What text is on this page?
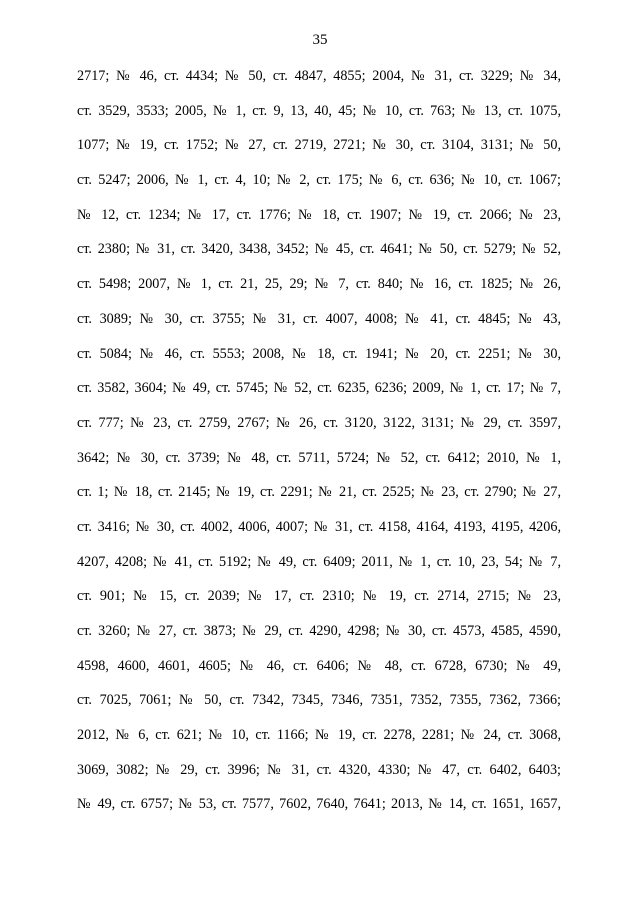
35
2717; № 46, ст. 4434; № 50, ст. 4847, 4855; 2004, № 31, ст. 3229; № 34,
ст. 3529, 3533; 2005, № 1, ст. 9, 13, 40, 45; № 10, ст. 763; № 13, ст. 1075,
1077; № 19, ст. 1752; № 27, ст. 2719, 2721; № 30, ст. 3104, 3131; № 50,
ст. 5247; 2006, № 1, ст. 4, 10; № 2, ст. 175; № 6, ст. 636; № 10, ст. 1067;
№ 12, ст. 1234; № 17, ст. 1776; № 18, ст. 1907; № 19, ст. 2066; № 23,
ст. 2380; № 31, ст. 3420, 3438, 3452; № 45, ст. 4641; № 50, ст. 5279; № 52,
ст. 5498; 2007, № 1, ст. 21, 25, 29; № 7, ст. 840; № 16, ст. 1825; № 26,
ст. 3089; № 30, ст. 3755; № 31, ст. 4007, 4008; № 41, ст. 4845; № 43,
ст. 5084; № 46, ст. 5553; 2008, № 18, ст. 1941; № 20, ст. 2251; № 30,
ст. 3582, 3604; № 49, ст. 5745; № 52, ст. 6235, 6236; 2009, № 1, ст. 17; № 7,
ст. 777; № 23, ст. 2759, 2767; № 26, ст. 3120, 3122, 3131; № 29, ст. 3597,
3642; № 30, ст. 3739; № 48, ст. 5711, 5724; № 52, ст. 6412; 2010, № 1,
ст. 1; № 18, ст. 2145; № 19, ст. 2291; № 21, ст. 2525; № 23, ст. 2790; № 27,
ст. 3416; № 30, ст. 4002, 4006, 4007; № 31, ст. 4158, 4164, 4193, 4195, 4206,
4207, 4208; № 41, ст. 5192; № 49, ст. 6409; 2011, № 1, ст. 10, 23, 54; № 7,
ст. 901; № 15, ст. 2039; № 17, ст. 2310; № 19, ст. 2714, 2715; № 23,
ст. 3260; № 27, ст. 3873; № 29, ст. 4290, 4298; № 30, ст. 4573, 4585, 4590,
4598, 4600, 4601, 4605; № 46, ст. 6406; № 48, ст. 6728, 6730; № 49,
ст. 7025, 7061; № 50, ст. 7342, 7345, 7346, 7351, 7352, 7355, 7362, 7366;
2012, № 6, ст. 621; № 10, ст. 1166; № 19, ст. 2278, 2281; № 24, ст. 3068,
3069, 3082; № 29, ст. 3996; № 31, ст. 4320, 4330; № 47, ст. 6402, 6403;
№ 49, ст. 6757; № 53, ст. 7577, 7602, 7640, 7641; 2013, № 14, ст. 1651, 1657,
